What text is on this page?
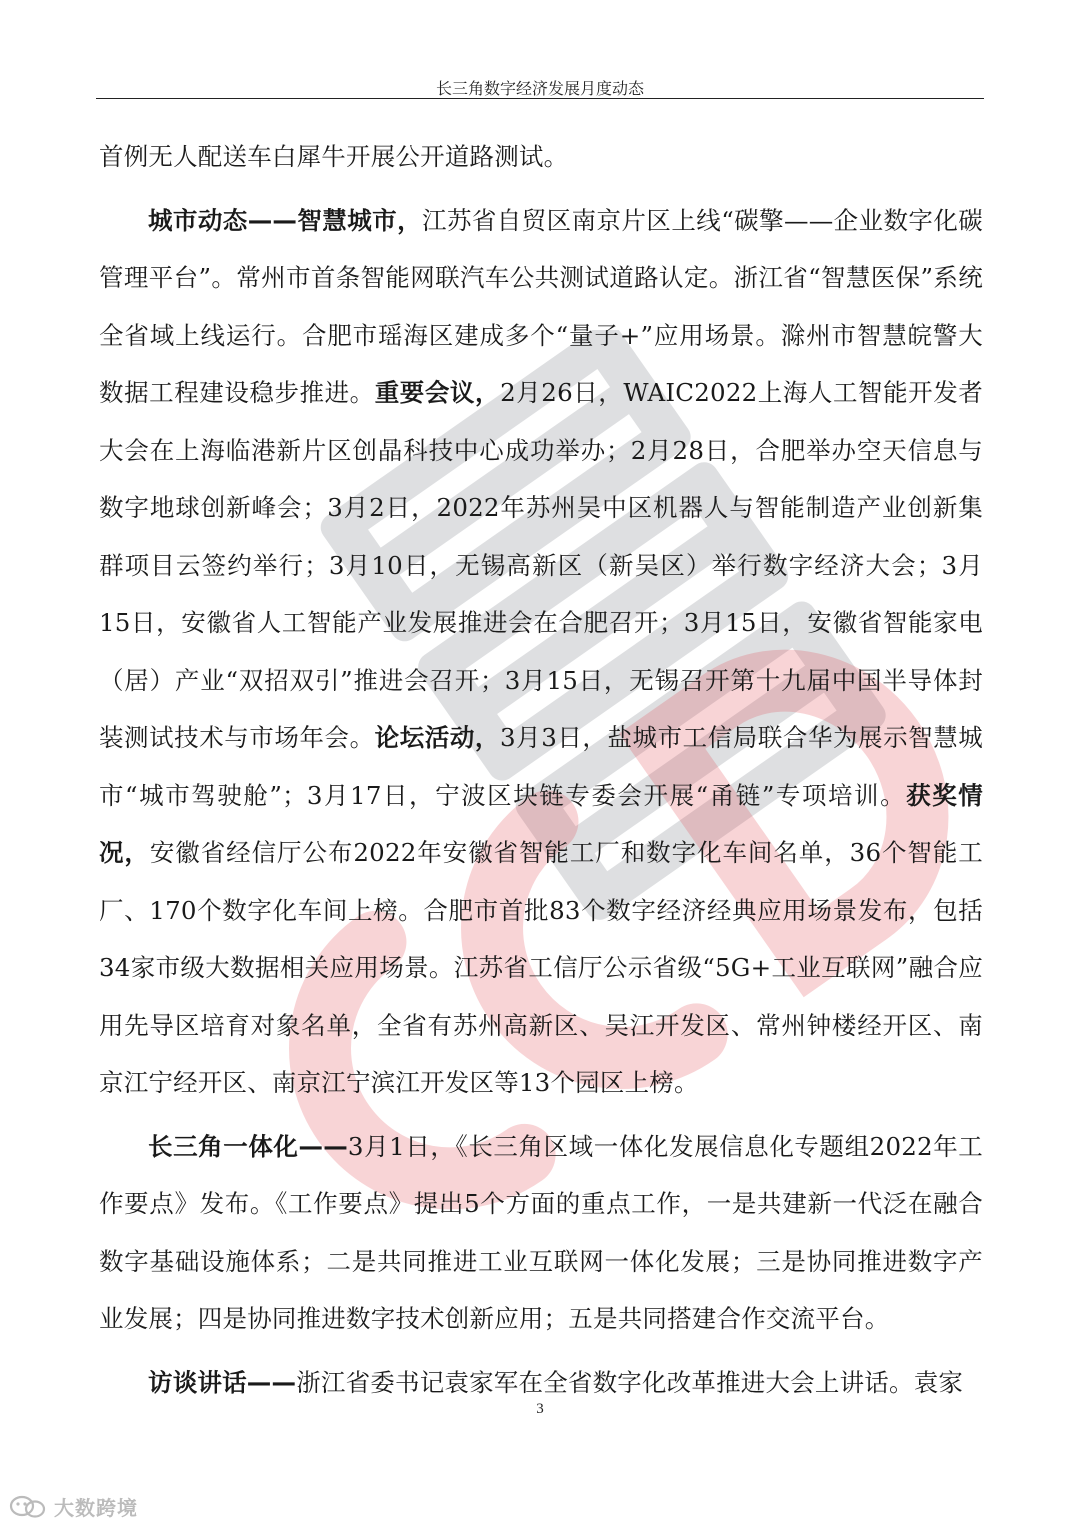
长三角数字经济发展月度动态

首例无人配送车白犀牛开展公开道路测试。

城市动态——智慧城市，江苏省自贸区南京片区上线“碳擎——企业数字化碳管理平台”。常州市首条智能网联汽车公共测试道路认定。浙江省“智慧医保”系统全省域上线运行。合肥市瑶海区建成多个“量子+”应用场景。滁州市智慧皖警大数据工程建设稳步推进。重要会议，2月26日，WAIC2022上海人工智能开发者大会在上海临港新片区创晶科技中心成功举办；2月28日，合肥举办空天信息与数字地球创新峰会；3月2日，2022年苏州吴中区机器人与智能制造产业创新集群项目云签约举行；3月10日，无锡高新区（新吴区）举行数字经济大会；3月15日，安徽省人工智能产业发展推进会在合肥召开；3月15日，安徽省智能家电（居）产业“双招双引”推进会召开；3月15日，无锡召开第十九届中国半导体封装测试技术与市场年会。论坛活动，3月3日，盐城市工信局联合华为展示智慧城市“城市驾驶舱”；3月17日，宁波区块链专委会开展“甬链”专项培训。获奖情况，安徽省经信厅公布2022年安徽省智能工厂和数字化车间名单，36个智能工厂、170个数字化车间上榜。合肥市首批83个数字经济经典应用场景发布，包括34家市级大数据相关应用场景。江苏省工信厅公示省级“5G+工业互联网”融合应用先导区培育对象名单，全省有苏州高新区、吴江开发区、常州钟楼经开区、南京江宁经开区、南京江宁滨江开发区等13个园区上榜。

长三角一体化——3月1日，《长三角区域一体化发展信息化专题组2022年工作要点》发布。《工作要点》提出5个方面的重点工作，一是共建新一代泛在融合数字基础设施体系；二是共同推进工业互联网一体化发展；三是协同推进数字产业发展；四是协同推进数字技术创新应用；五是共同搭建合作交流平台。

访谈讲话——浙江省委书记袁家军在全省数字化改革推进大会上讲话。袁家

3
大数跨境
